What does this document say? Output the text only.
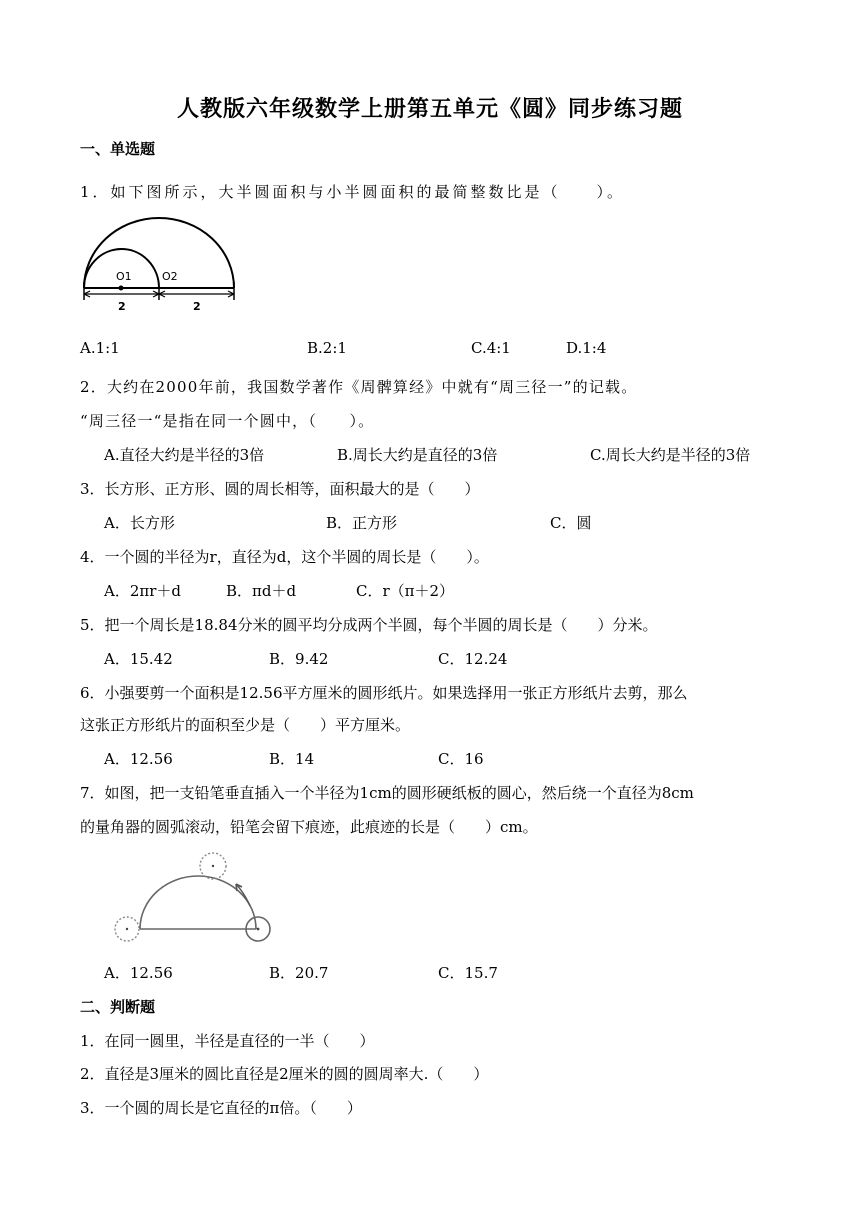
人教版六年级数学上册第五单元《圆》同步练习题
一、单选题
1．如下图所示，大半圆面积与小半圆面积的最简整数比是（　　）。
O1	O2
2	2
A.1:1	B.2:1	C.4:1	D.1:4
2．大约在2000年前，我国数学著作《周髀算经》中就有“周三径一”的记载。
“周三径一“是指在同一个圆中，（　　）。
A.直径大约是半径的3倍	B.周长大约是直径的3倍	C.周长大约是半径的3倍
3．长方形、正方形、圆的周长相等，面积最大的是（　　）
A．长方形	B．正方形	C．圆
4．一个圆的半径为r，直径为d，这个半圆的周长是（　　）。
A．2πr＋d	B．πd＋d	C．r（π＋2）
5．把一个周长是18.84分米的圆平均分成两个半圆，每个半圆的周长是（　　）分米。
A．15.42	B．9.42	C．12.24
6．小强要剪一个面积是12.56平方厘米的圆形纸片。如果选择用一张正方形纸片去剪，那么
这张正方形纸片的面积至少是（　　）平方厘米。
A．12.56	B．14	C．16
7．如图，把一支铅笔垂直插入一个半径为1cm的圆形硬纸板的圆心，然后绕一个直径为8cm
的量角器的圆弧滚动，铅笔会留下痕迹，此痕迹的长是（　　）cm。
A．12.56	B．20.7	C．15.7
二、判断题
1．在同一圆里，半径是直径的一半（　　）
2．直径是3厘米的圆比直径是2厘米的圆的圆周率大.（　　）
3．一个圆的周长是它直径的π倍。（　　）
